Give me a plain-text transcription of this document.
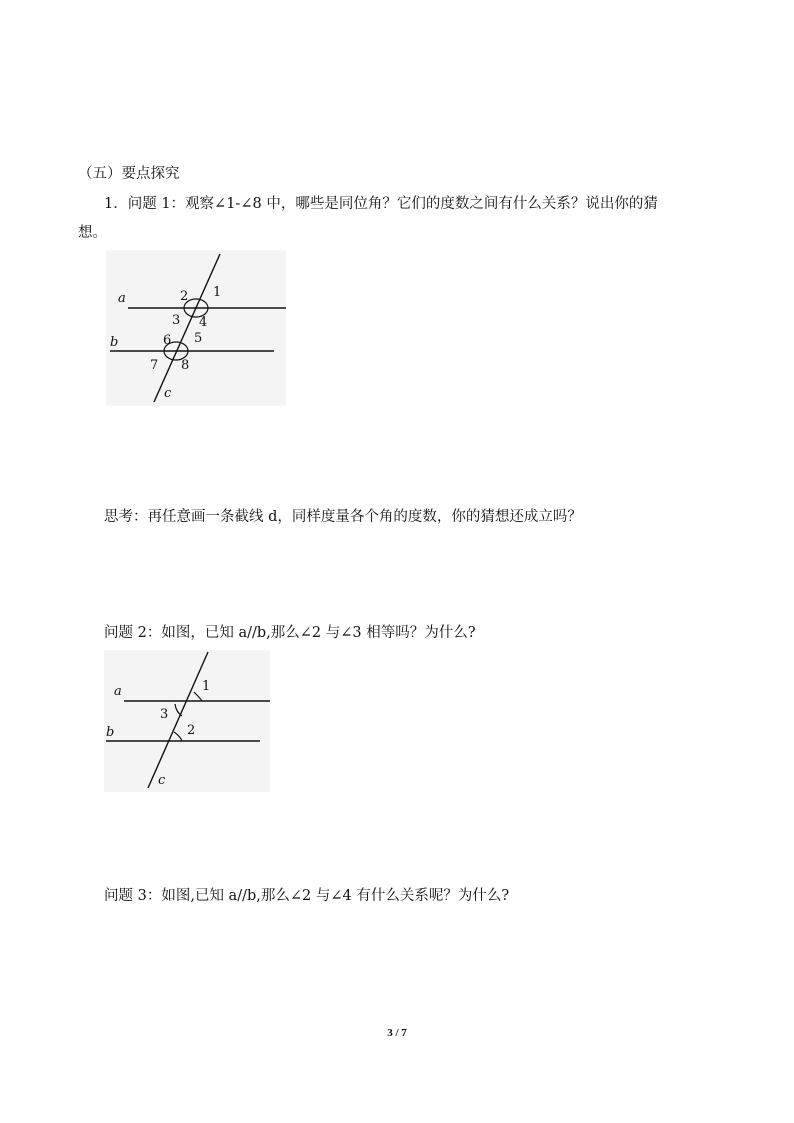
（五）要点探究
1．问题 1：观察∠1-∠8 中，哪些是同位角？它们的度数之间有什么关系？说出你的猜
想。
a
b
c
1
2
3 4
5
6
7 8
思考：再任意画一条截线 d，同样度量各个角的度数，你的猜想还成立吗？
问题 2：如图，已知 a//b,那么∠2 与∠3 相等吗？为什么?
a
b
c
1
3
2
问题 3：如图,已知 a//b,那么∠2 与∠4 有什么关系呢？为什么?
3 / 7
